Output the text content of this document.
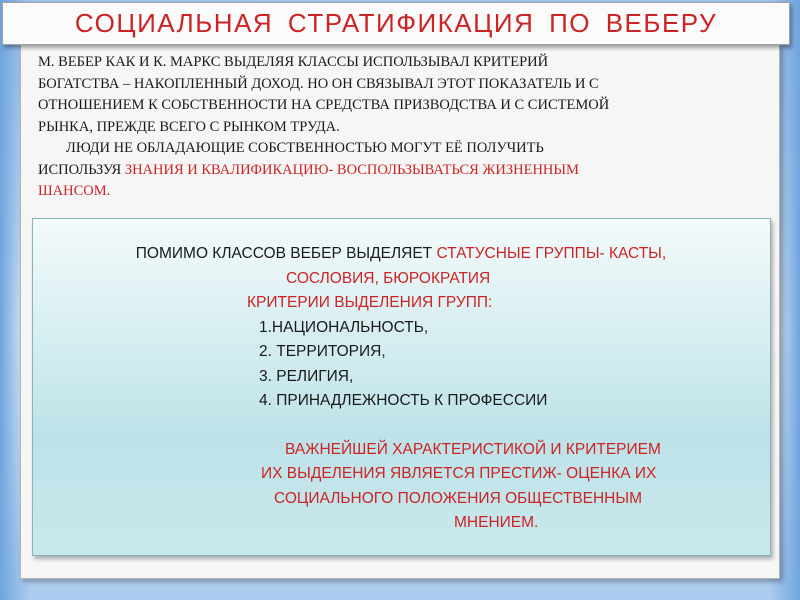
СОЦИАЛЬНАЯ СТРАТИФИКАЦИЯ ПО ВЕБЕРУ

М. ВЕБЕР КАК И К. МАРКС ВЫДЕЛЯЯ КЛАССЫ ИСПОЛЬЗЫВАЛ КРИТЕРИЙ

БОГАТСТВА – НАКОПЛЕННЫЙ ДОХОД. НО ОН СВЯЗЫВАЛ ЭТОТ ПОКАЗАТЕЛЬ И С

ОТНОШЕНИЕМ К СОБСТВЕННОСТИ НА СРЕДСТВА ПРИЗВОДСТВА И С СИСТЕМОЙ

РЫНКА, ПРЕЖДЕ ВСЕГО С РЫНКОМ ТРУДА.

ЛЮДИ НЕ ОБЛАДАЮЩИЕ СОБСТВЕННОСТЬЮ МОГУТ ЕЁ ПОЛУЧИТЬ

ИСПОЛЬЗУЯ ЗНАНИЯ И КВАЛИФИКАЦИЮ- ВОСПОЛЬЗЫВАТЬСЯ ЖИЗНЕННЫМ

ШАНСОМ.

ПОМИМО КЛАССОВ ВЕБЕР ВЫДЕЛЯЕТ СТАТУСНЫЕ ГРУППЫ- КАСТЫ,
СОСЛОВИЯ, БЮРОКРАТИЯ
КРИТЕРИИ ВЫДЕЛЕНИЯ ГРУПП:
1.НАЦИОНАЛЬНОСТЬ,
2. ТЕРРИТОРИЯ,
3. РЕЛИГИЯ,
4. ПРИНАДЛЕЖНОСТЬ К ПРОФЕССИИ
ВАЖНЕЙШЕЙ ХАРАКТЕРИСТИКОЙ И КРИТЕРИЕМ
ИХ ВЫДЕЛЕНИЯ ЯВЛЯЕТСЯ ПРЕСТИЖ- ОЦЕНКА ИХ
СОЦИАЛЬНОГО ПОЛОЖЕНИЯ ОБЩЕСТВЕННЫМ
МНЕНИЕМ.
